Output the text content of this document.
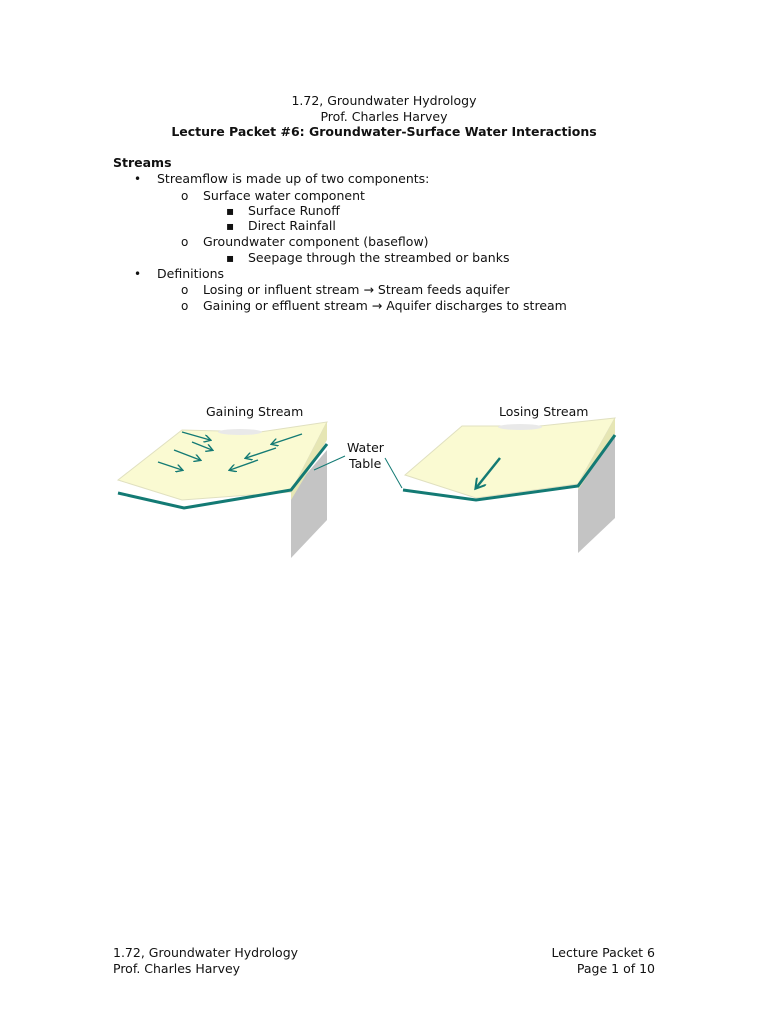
1.72, Groundwater Hydrology
Prof. Charles Harvey
Lecture Packet #6: Groundwater-Surface Water Interactions
Streams
• Streamflow is made up of two components:
o Surface water component
▪ Surface Runoff
▪ Direct Rainfall
o Groundwater component (baseflow)
▪ Seepage through the streambed or banks
• Definitions
o Losing or influent stream → Stream feeds aquifer
o Gaining or effluent stream → Aquifer discharges to stream
Gaining Stream	Losing Stream
Water
Table
1.72, Groundwater Hydrology
Prof. Charles Harvey
Lecture Packet 6
Page 1 of 10
